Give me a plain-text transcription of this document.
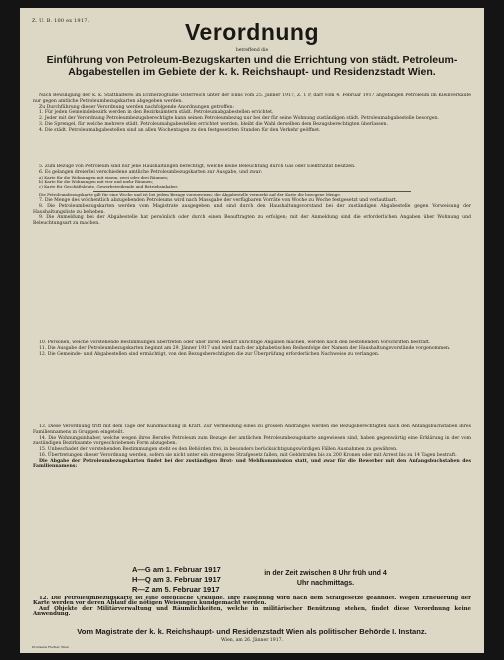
Z. U. B. 100 ex 1917.	Verordnung
betreffend die
Einführung von Petroleum-Bezugskarten und die Errichtung von städt. Petroleum-Abgabestellen im Gebiete der k. k. Reichshaupt- und Residenzstadt Wien.

Nach Bewilligung der k. k. Statthalterei im Erzherzogtume Österreich unter der Enns vom 25. Jänner 1917, Z. 1 P, darf vom 4. Februar 1917 angefangen Petroleum im Kleinverkaufe nur gegen amtliche Petroleumbezugskarten abgegeben werden.

Zu Durchführung dieser Verordnung werden nachfolgende Anordnungen getroffen:

1. Für jeden Gemeindebezirk werden in den Bezirksämtern städt. Petroleumabgabestellen errichtet.

2. Jeder mit der Verordnung Petroleumbezugsberechtigte kann seinen Petroleumbezug nur bei der für seine Wohnung zuständigen städt. Petroleumabgabestelle besorgen.

3. Die Sprengel, für welche mehrere städt. Petroleumabgabestellen errichtet werden, bleibt die Wahl derselben dem Bezugsberechtigten überlassen.

4. Die städt. Petroleumabgabestellen sind an allen Wochentagen zu den festgesetzten Stunden für den Verkehr geöffnet.

5. Zum Bezuge von Petroleum sind nur jene Haushaltungen berechtigt, welche keine Beleuchtung durch Gas oder Elektrizität besitzen.

6. Es gelangen dreierlei verschiedene amtliche Petroleumbezugskarten zur Ausgabe, und zwar:

a) Karte für die Wohnungen mit einem, zwei oder drei Räumen;

b) Karte für die Wohnungen mit vier und mehr Räumen;

c) Karte für Geschäftsleute, Gewerbetreibende und Betriebsinhaber.

Die Petroleumbezugskarte gilt für eine Woche und ist bei jedem Bezuge vorzuweisen; die Abgabestelle vermerkt auf der Karte die bezogene Menge.

7. Die Menge des wöchentlich abzugebenden Petroleums wird nach Massgabe der verfügbaren Vorräte von Woche zu Woche festgesetzt und verlautbart.

8. Die Petroleumbezugskarten werden vom Magistrate ausgegeben und sind durch den Haushaltungsvorstand bei der zuständigen Abgabestelle gegen Vorweisung der Haushaltungsliste zu beheben.

9. Die Anmeldung bei der Abgabestelle hat persönlich oder durch einen Beauftragten zu erfolgen; mit der Anmeldung sind die erforderlichen Angaben über Wohnung und Beleuchtungsart zu machen.

10. Personen, welche vorstehende Bestimmungen übertreten oder über ihren Bedarf unrichtige Angaben machen, werden nach den bestehenden Vorschriften bestraft.

11. Die Ausgabe der Petroleumbezugskarten beginnt am 29. Jänner 1917 und wird nach der alphabetischen Reihenfolge der Namen der Haushaltungsvorstände vorgenommen.

12. Die Gemeinde- und Abgabestellen sind ermächtigt, von den Bezugsberechtigten die zur Überprüfung erforderlichen Nachweise zu verlangen.

13. Diese Verordnung tritt mit dem Tage der Kundmachung in Kraft. Zur Vermeidung eines zu grossen Andranges werden die Bezugsberechtigten nach den Anfangsbuchstaben ihres Familiennamens in Gruppen eingeteilt.

14. Die Wohnungsinhaber, welche wegen ihres Berufes Petroleum zum Bezuge der amtlichen Petroleumbezugskarte angewiesen sind, haben gegenwärtig eine Erklärung in der vom zuständigen Bezirksamte vorgeschriebenen Form abzugeben.

15. Unbeschadet der vorstehenden Bestimmungen steht es den Behörden frei, in besonders berücksichtigungswürdigen Fällen Ausnahmen zu gewähren.

16. Übertretungen dieser Verordnung werden, sofern sie nicht unter ein strengeres Strafgesetz fallen, mit Geldstrafen bis zu 200 Kronen oder mit Arrest bis zu 14 Tagen bestraft.

Die Abgabe der Petroleumbezugskarten findet bei der zuständigen Brot- und Mehlkommission statt, und zwar für die Bewerber mit den Anfangsbuchstaben des Familiennamens:

A—G am 1. Februar 1917
H—Q am 3. Februar 1917
R—Z am 5. Februar 1917
in der Zeit zwischen 8 Uhr früh und 4 Uhr nachmittags.

12. Die Petroleumbezugskarte ist eine öffentliche Urkunde. Ihre Fälschung wird nach dem Strafgesetze geahndet. Wegen Erneuerung der Karte werden vor deren Ablauf die nötigen Weisungen kundgemacht werden.

Auf Objekte der Militärverwaltung und Räumlichkeiten, welche in militärischer Benützung stehen, findet diese Verordnung keine Anwendung.

Vom Magistrate der k. k. Reichshaupt- und Residenzstadt Wien als politischer Behörde I. Instanz.
Wien, am 26. Jänner 1917.
Druckerei Fischer, Wien
